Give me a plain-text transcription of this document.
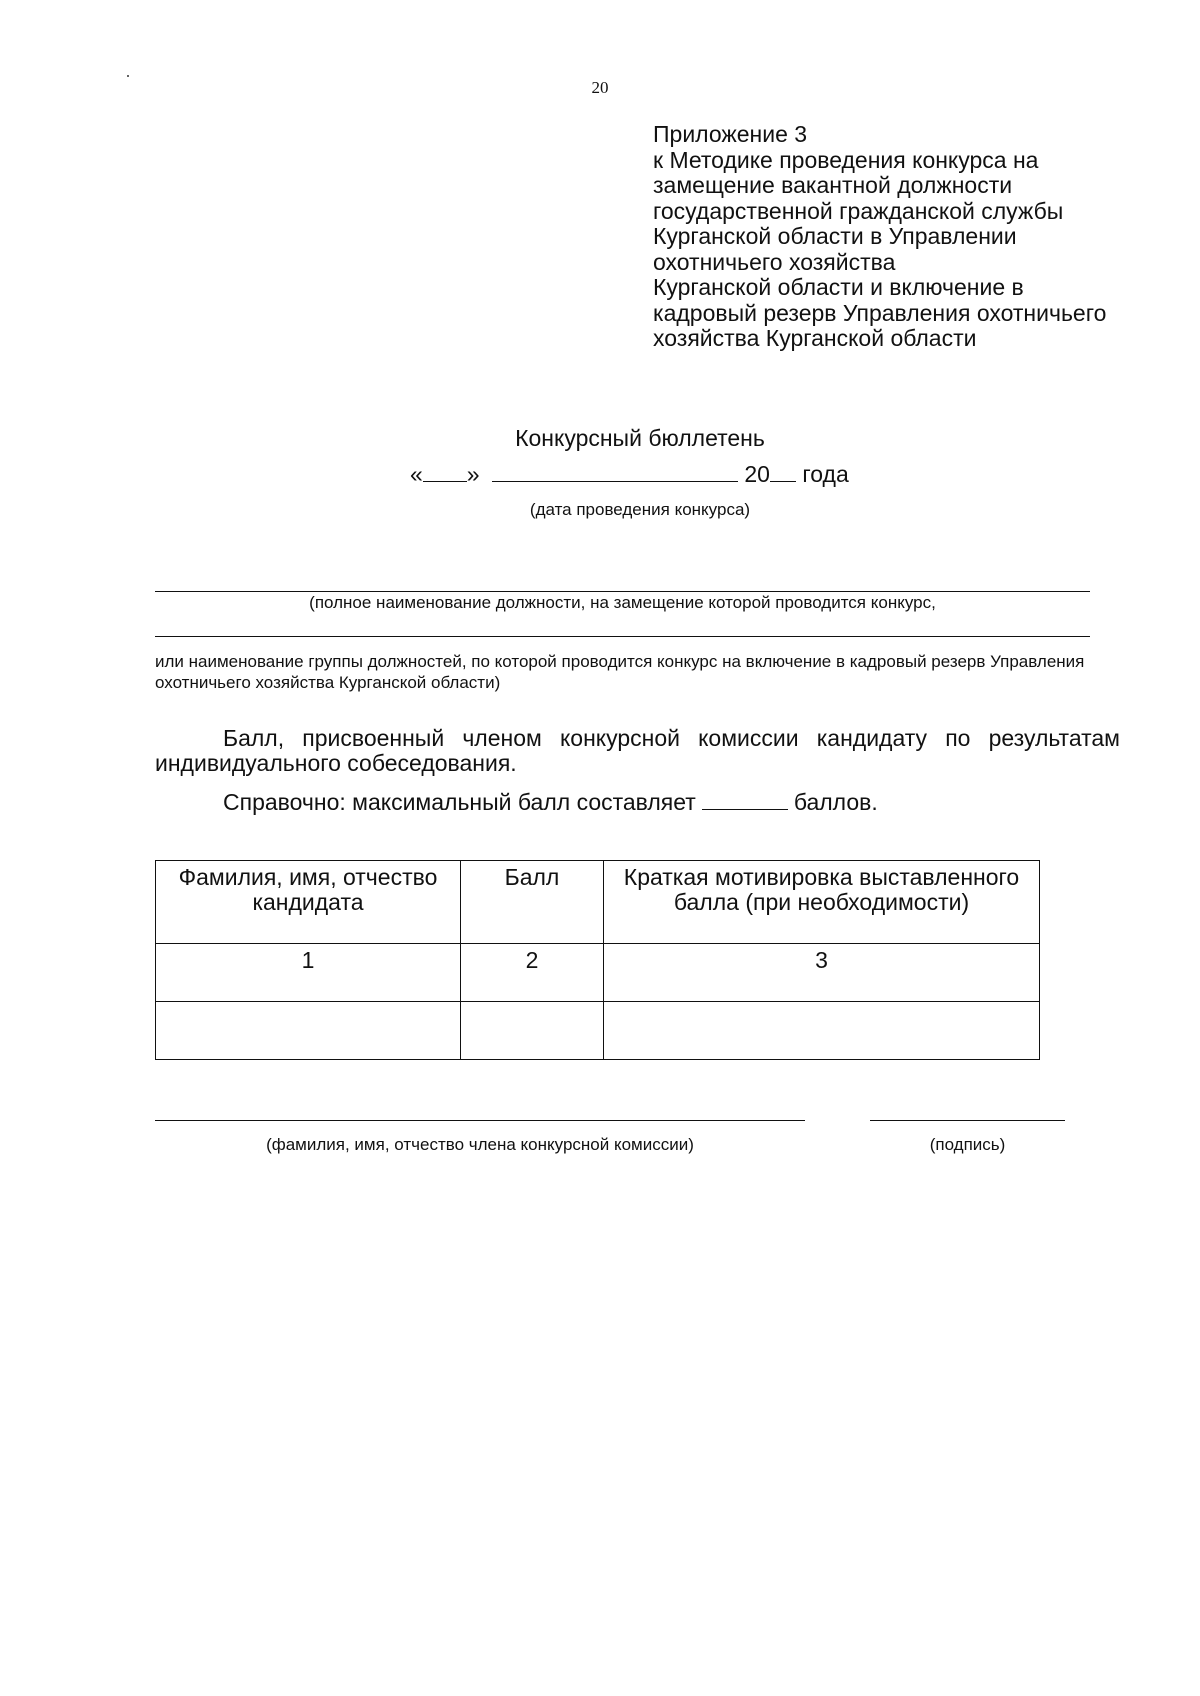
20
Приложение 3
к Методике проведения конкурса на
замещение вакантной должности
государственной гражданской службы
Курганской области в Управлении
охотничьего хозяйства
Курганской области и включение в
кадровый резерв Управления охотничьего
хозяйства Курганской области
Конкурсный бюллетень
« »	20 года
(дата проведения конкурса)
(полное наименование должности, на замещение которой проводится конкурс,
или наименование группы должностей, по которой проводится конкурс на включение в кадровый резерв Управления охотничьего хозяйства Курганской области)
Балл, присвоенный членом конкурсной комиссии кандидату по результатам индивидуального собеседования.
Справочно: максимальный балл составляет	баллов.
Фамилия, имя, отчество кандидата	Балл	Краткая мотивировка выставленного балла (при необходимости)
1	2	3

(фамилия, имя, отчество члена конкурсной комиссии)	(подпись)
